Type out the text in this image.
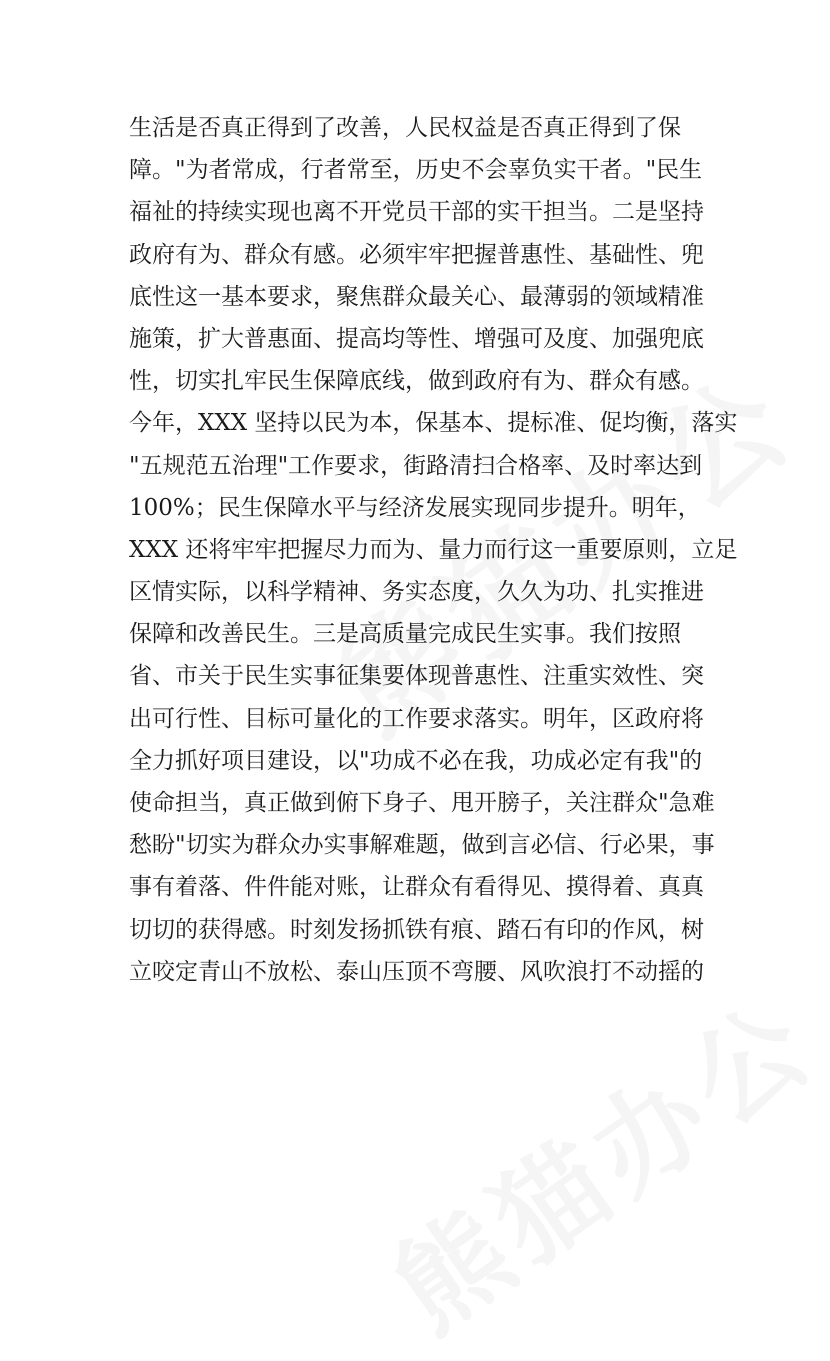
生活是否真正得到了改善，人民权益是否真正得到了保
障。"为者常成，行者常至，历史不会辜负实干者。"民生
福祉的持续实现也离不开党员干部的实干担当。二是坚持
政府有为、群众有感。必须牢牢把握普惠性、基础性、兜
底性这一基本要求，聚焦群众最关心、最薄弱的领域精准
施策，扩大普惠面、提高均等性、增强可及度、加强兜底
性，切实扎牢民生保障底线，做到政府有为、群众有感。
今年，XXX 坚持以民为本，保基本、提标准、促均衡，落实
"五规范五治理"工作要求，街路清扫合格率、及时率达到
100%；民生保障水平与经济发展实现同步提升。明年，
XXX 还将牢牢把握尽力而为、量力而行这一重要原则，立足
区情实际，以科学精神、务实态度，久久为功、扎实推进
保障和改善民生。三是高质量完成民生实事。我们按照
省、市关于民生实事征集要体现普惠性、注重实效性、突
出可行性、目标可量化的工作要求落实。明年，区政府将
全力抓好项目建设，以"功成不必在我，功成必定有我"的
使命担当，真正做到俯下身子、甩开膀子，关注群众"急难
愁盼"切实为群众办实事解难题，做到言必信、行必果，事
事有着落、件件能对账，让群众有看得见、摸得着、真真
切切的获得感。时刻发扬抓铁有痕、踏石有印的作风，树
立咬定青山不放松、泰山压顶不弯腰、风吹浪打不动摇的
